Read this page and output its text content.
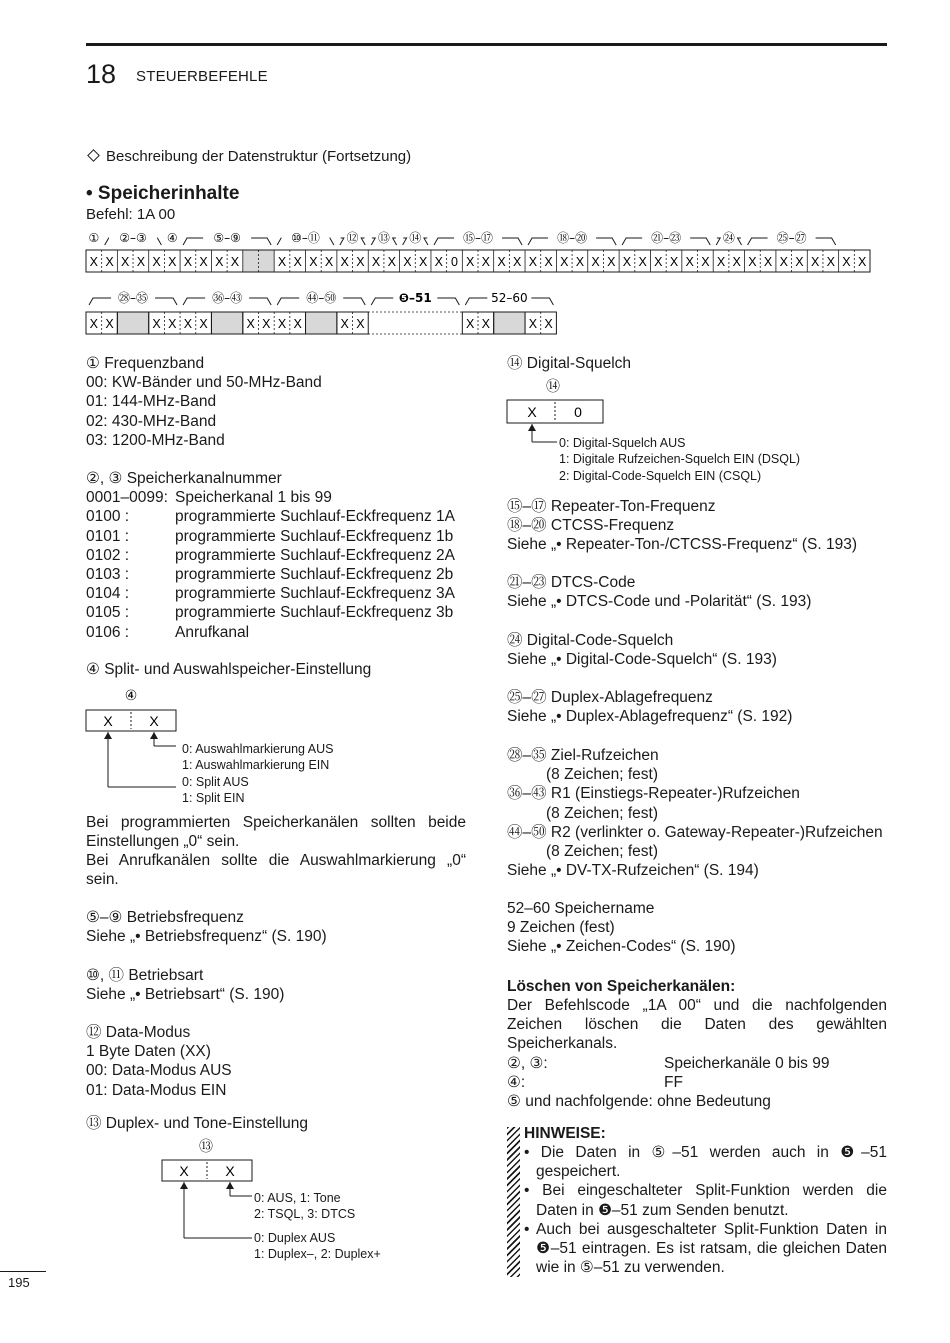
18 STEUERBEFEHLE
Beschreibung der Datenstruktur (Fortsetzung)
• Speicherinhalte
Befehl: 1A 00
① ②–③ ④	⑤–⑨	⑩–⑪ ⑫ ⑬ ⑭	⑮–⑰	⑱–⑳	㉑–㉓	㉔	㉕–㉗
X X X X X X X X X X	X X X X X X X X X X X 0 X X X X X X X X X X X X X X X X X X X X X X X X X X
㉘–㉟	㊱–㊸	㊹–㊿	❺–51	52–60
X X	X X X X	X X X X	X X	X X	X X
① Frequenzband
00: KW-Bänder und 50-MHz-Band
01: 144-MHz-Band
02: 430-MHz-Band
03: 1200-MHz-Band
②, ③ Speicherkanalnummer
0001–0099: Speicherkanal 1 bis 99
0100 :	programmierte Suchlauf-Eckfrequenz 1A
0101 :	programmierte Suchlauf-Eckfrequenz 1b
0102 :	programmierte Suchlauf-Eckfrequenz 2A
0103 :	programmierte Suchlauf-Eckfrequenz 2b
0104 :	programmierte Suchlauf-Eckfrequenz 3A
0105 :	programmierte Suchlauf-Eckfrequenz 3b
0106 :	Anrufkanal
④ Split- und Auswahlspeicher-Einstellung
④
X	X
0: Auswahlmarkierung AUS
1: Auswahlmarkierung EIN
0: Split AUS
1: Split EIN
Bei programmierten Speicherkanälen sollten beide Einstellungen „0“ sein.
Bei Anrufkanälen sollte die Auswahlmarkierung „0“ sein.
⑤–⑨ Betriebsfrequenz
Siehe „• Betriebsfrequenz“ (S. 190)
⑩, ⑪ Betriebsart
Siehe „• Betriebsart“ (S. 190)
⑫ Data-Modus
1 Byte Daten (XX)
00: Data-Modus AUS
01: Data-Modus EIN
⑬ Duplex- und Tone-Einstellung
⑬
X	X
0: AUS, 1: Tone
2: TSQL, 3: DTCS
0: Duplex AUS
1: Duplex–, 2: Duplex+
⑭ Digital-Squelch
⑭
X	0
0: Digital-Squelch AUS
1: Digitale Rufzeichen-Squelch EIN (DSQL)
2: Digital-Code-Squelch EIN (CSQL)
⑮–⑰ Repeater-Ton-Frequenz
⑱–⑳ CTCSS-Frequenz
Siehe „• Repeater-Ton-/CTCSS-Frequenz“ (S. 193)
㉑–㉓ DTCS-Code
Siehe „• DTCS-Code und -Polarität“ (S. 193)
㉔ Digital-Code-Squelch
Siehe „• Digital-Code-Squelch“ (S. 193)
㉕–㉗ Duplex-Ablagefrequenz
Siehe „• Duplex-Ablagefrequenz“ (S. 192)
㉘–㉟ Ziel-Rufzeichen
(8 Zeichen; fest)
㊱–㊸ R1 (Einstiegs-Repeater-)Rufzeichen
(8 Zeichen; fest)
㊹–㊿ R2 (verlinkter o. Gateway-Repeater-)Rufzeichen
(8 Zeichen; fest)
Siehe „• DV-TX-Rufzeichen“ (S. 194)
52–60 Speichername
9 Zeichen (fest)
Siehe „• Zeichen-Codes“ (S. 190)
Löschen von Speicherkanälen:
Der Befehlscode „1A 00“ und die nachfolgenden Zeichen löschen die Daten des gewählten Speicherkanals.
②, ③:	Speicherkanäle 0 bis 99
④:	FF
⑤ und nachfolgende: ohne Bedeutung
HINWEISE:
• Die Daten in ⑤–51 werden auch in ❺–51 gespeichert.
• Bei eingeschalteter Split-Funktion werden die Daten in ❺–51 zum Senden benutzt.
• Auch bei ausgeschalteter Split-Funktion Daten in ❺–51 eintragen. Es ist ratsam, die gleichen Daten wie in ⑤–51 zu verwenden.
195
